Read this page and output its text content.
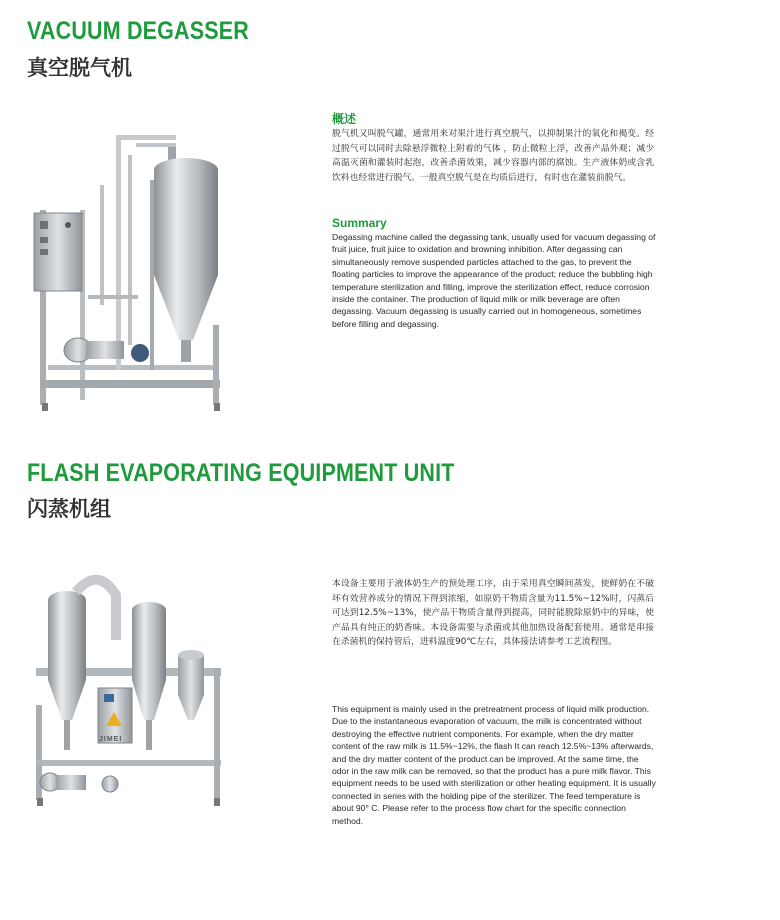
VACUUM DEGASSER
真空脱气机
概述

脱气机又叫脱气罐，通常用来对果汁进行真空脱气，以抑制果汁的氧化和褐变。经过脱气可以同时去除悬浮微粒上附着的气体 ，防止微粒上浮，改善产品外观；减少高温灭菌和灌装时起泡，改善杀菌效果，减少容器内部的腐蚀。生产液体奶或含乳饮料也经常进行脱气。一般真空脱气是在均质后进行，有时也在灌装前脱气。

Summary

Degassing machine called the degassing tank, usually used for vacuum degassing of fruit juice, fruit juice to oxidation and browning inhibition. After degassing can simultaneously remove suspended particles attached to the gas, to prevent the floating particles to improve the appearance of the product; reduce the bubbling high temperature sterilization and filling, improve the sterilization effect, reduce corrosion inside the container. The production of liquid milk or milk beverage are often degassing. Vacuum degassing is usually carried out in homogeneous, sometimes before filling and degassing.

FLASH EVAPORATING EQUIPMENT UNIT
闪蒸机组
JIMEI

本设备主要用于液体奶生产的预处理工序，由于采用真空瞬间蒸发，使鲜奶在不破坏有效营养成分的情况下得到浓缩，如原奶干物质含量为11.5%~12%时，闪蒸后可达到12.5%~13%，使产品干物质含量得到提高，同时能脱除原奶中的异味，使产品具有纯正的奶香味。本设备需要与杀菌或其他加热设备配套使用。通常是串接在杀菌机的保持管后，进料温度90℃左右，具体接法请参考工艺流程图。

This equipment is mainly used in the pretreatment process of liquid milk production. Due to the instantaneous evaporation of vacuum, the milk is concentrated without destroying the effective nutrient components. For example, when the dry matter content of the raw milk is 11.5%~12%, the flash It can reach 12.5%~13% afterwards, and the dry matter content of the product can be improved. At the same time, the odor in the raw milk can be removed, so that the product has a pure milk flavor. This equipment needs to be used with sterilization or other heating equipment. It is usually connected in series with the holding pipe of the sterilizer. The feed temperature is about 90° C. Please refer to the process flow chart for the specific connection method.
